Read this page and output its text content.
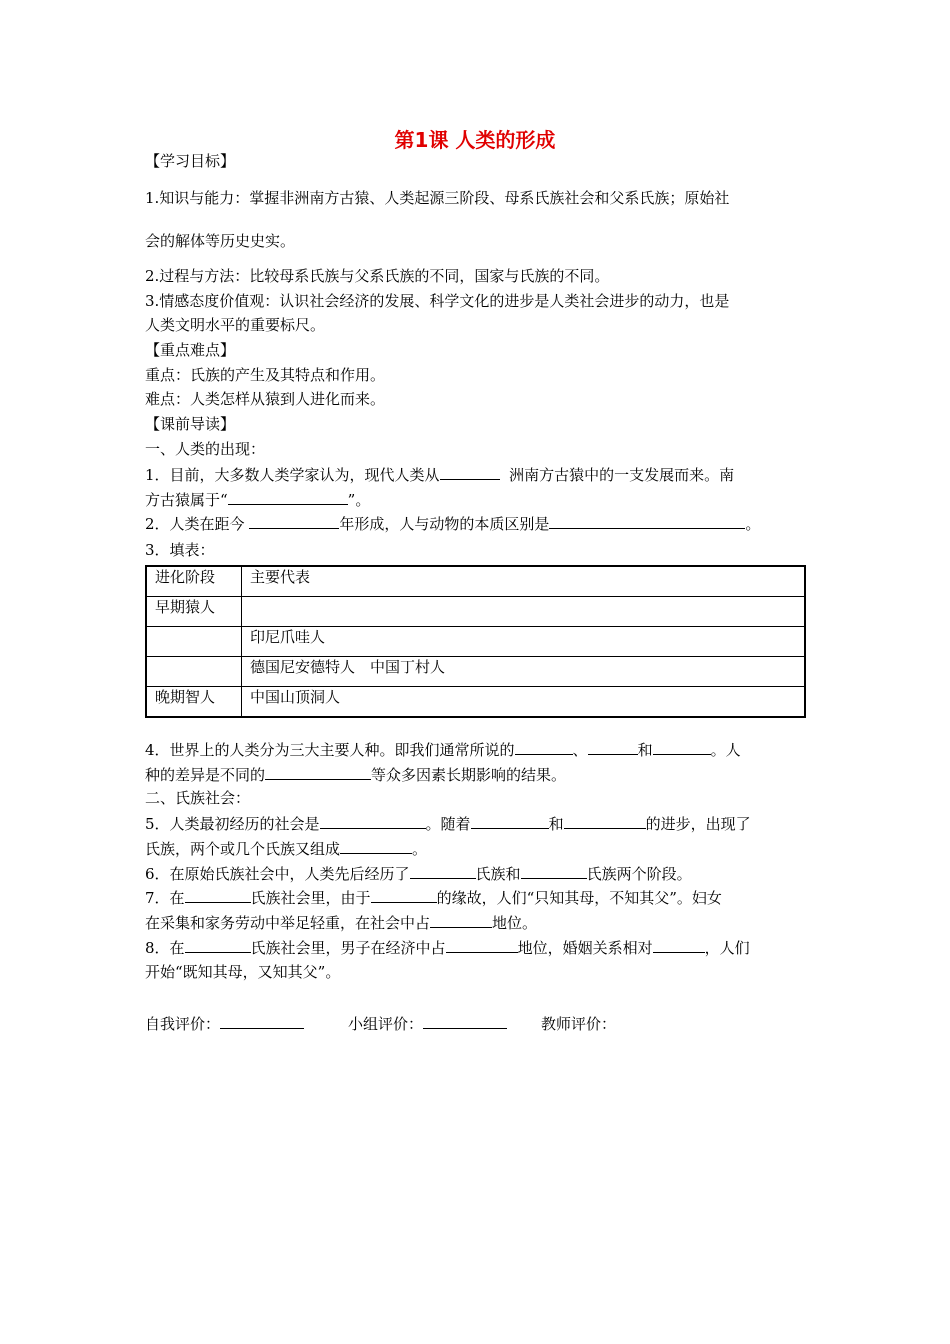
第1课 人类的形成
【学习目标】
1.知识与能力：掌握非洲南方古猿、人类起源三阶段、母系氏族社会和父系氏族；原始社
会的解体等历史史实。
2.过程与方法：比较母系氏族与父系氏族的不同，国家与氏族的不同。
3.情感态度价值观：认识社会经济的发展、科学文化的进步是人类社会进步的动力，也是
人类文明水平的重要标尺。
【重点难点】
重点：氏族的产生及其特点和作用。
难点：人类怎样从猿到人进化而来。
【课前导读】
一、人类的出现：
1．目前，大多数人类学家认为，现代人类从	洲南方古猿中的一支发展而来。南
方古猿属于“	”。
2．人类在距今	年形成，人与动物的本质区别是	。
3．填表：
进化阶段	主要代表
早期猿人	
	印尼爪哇人
	德国尼安德特人　中国丁村人
晚期智人	中国山顶洞人
4．世界上的人类分为三大主要人种。即我们通常所说的	、	和	。人
种的差异是不同的	等众多因素长期影响的结果。
二、氏族社会：
5．人类最初经历的社会是	。随着	和	的进步，出现了
氏族，两个或几个氏族又组成	。
6．在原始氏族社会中，人类先后经历了	氏族和	氏族两个阶段。
7．在	氏族社会里，由于	的缘故，人们“只知其母，不知其父”。妇女
在采集和家务劳动中举足轻重，在社会中占	地位。
8．在	氏族社会里，男子在经济中占	地位，婚姻关系相对	，人们
开始“既知其母，又知其父”。
自我评价：	小组评价：	教师评价：
